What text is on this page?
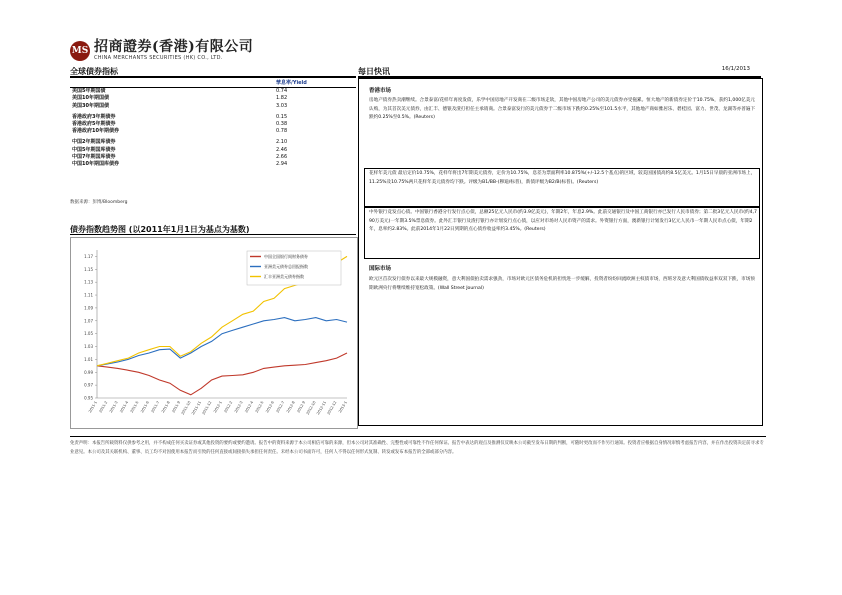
MS 招商證券(香港)有限公司
CHINA MERCHANTS SECURITIES (HK) CO., LTD.
全球债券指标
	孳息率/Yield
美国5年期国债	0.74
美国10年期国债	1.82
美国30年期国债	3.03

香港政府3年期债券	0.15
香港政府5年期债券	0.38
香港政府10年期债券	0.78

中国2年期国库债券	2.10
中国5年期国库债券	2.46
中国7年期国库债券	2.66
中国10年期国库债券	2.94
数据来源：彭博/Bloomberg
债券指数趋势图 (以2011年1月1日为基点为基数)
0.95
0.97
0.99
1.01
1.03
1.05
1.07
1.09
1.11
1.13
1.15
1.17
2011-1 2011-2 2011-3 2011-4 2011-5 2011-6 2011-7 2011-8 2011-9 2011-10 2011-11 2011-12 2012-1 2012-2 2012-3 2012-4 2012-5 2012-6 2012-7 2012-8 2012-9 2012-10 2012-11 2012-12 2013-1
中国全国银行间财务债券
亚洲美元债券总回报指数
汇丰亚洲美元债券指数
每日快讯	16/1/2013
香港市场
房地产债券热卖潮继续。合景泰富/花样年再度发债，乐学中国房地产开发商在二级市场走软，其他中国房地产公司的美元债券亦受拖累。恒大地产的新债券定价于10.75%，获约1,000亿美元认购，为其首次美元债券，由汇丰、德银及渣打担任主承销商。合景泰富发行的美元债券于二级市场下跌约0.25%至101.5水平，其他地产商如雅居乐、碧桂园、富力、世茂、龙湖等亦普遍下跌约0.25%至0.5%。(Reuters)
花样年美元债 最后定价10.75%，花样年将出7年期美元债券，定价为10.75%，息差为票面利率10.875%(+/-12.5个基点)的区域，较美国国债高约8.5亿美元。1月15日早晨的亚洲市场上，11.25%及10.75%两只花样年美元债券均下跌。评级为B1/BB-(穆迪/标普)，新债评级为B2/B(标普)。(Reuters)
中外银行竞发点心债。中国银行香港分行发行点心债，总额25亿元人民币(约3.9亿美元)，年期2年，年息2.9%。此前交通银行及中国工商银行亦已发行人民币债券；第二批3亿元人民币(约4,790万美元)一年期3.5%票息债券。此外汇丰银行及渣打银行亦计划发行点心债，以应对市场对人民币资产的需求。外资银行方面，澳新银行计划发行3亿元人民币一年期人民币点心债，年期2年，息率约2.83%。此前2014年1月22日到期的点心债券收益率约3.45%。(Reuters)
国际市场
欧元区首次发行债券以来最大规模融资，意大利国债拍卖需求强劲，市场对欧元区债务危机的担忧进一步缓解，投资者纷纷回流欧洲主权债市场，西班牙及意大利国债收益率双双下跌，市场预期欧洲央行将继续维持宽松政策。(Wall Street Journal)
免责声明：本报告所载资料仅供参考之用，并不构成任何买卖证券或其他投资的要约或要约邀请。报告中的资料来源于本公司相信可靠的来源，但本公司对其准确性、完整性或可靠性不作任何保证。报告中表达的观点及推测仅反映本公司截至发布日期的判断，可随时更改而不作另行通知。投资者应根据自身情况审慎考虑报告内容，并在作出投资决定前寻求专业意见。本公司及其关联机构、董事、员工均不对因使用本报告而引致的任何直接或间接损失承担任何责任。未经本公司书面许可，任何人不得以任何形式复制、转发或发布本报告的全部或部分内容。
